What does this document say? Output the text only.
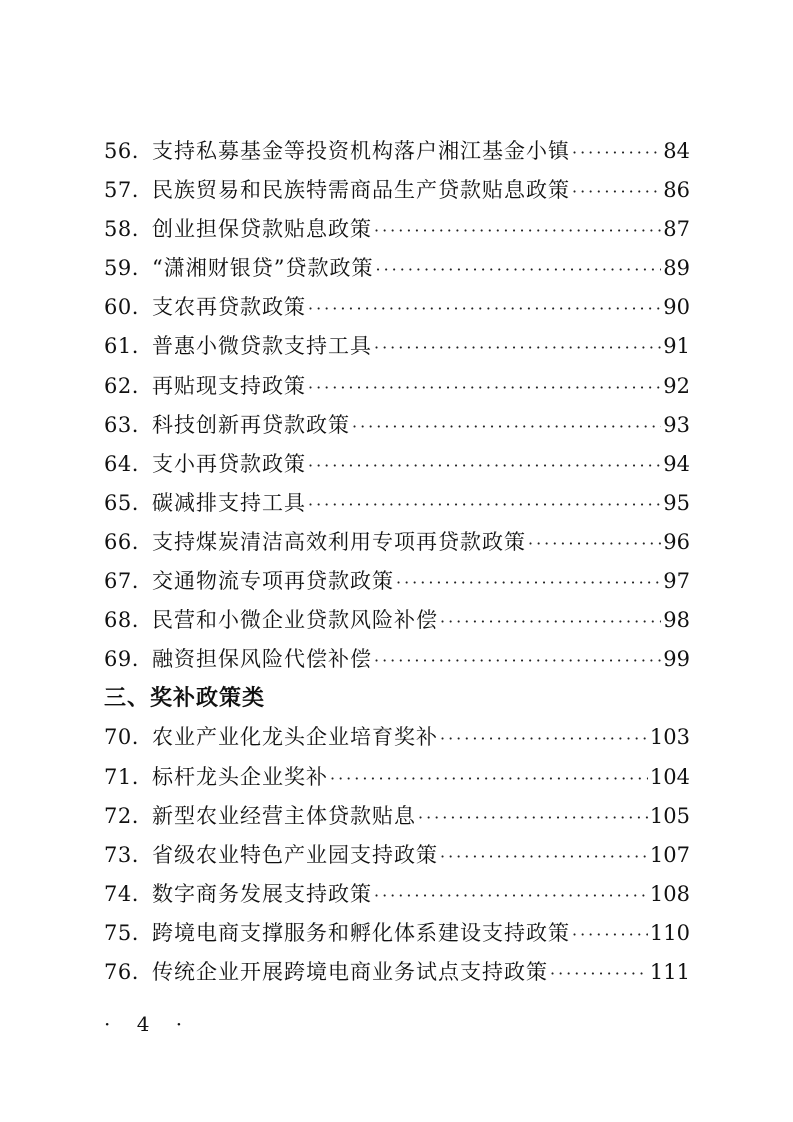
56. 支持私募基金等投资机构落户湘江基金小镇 ·····	84
57. 民族贸易和民族特需商品生产贷款贴息政策 ·····	86
58. 创业担保贷款贴息政策 ·····	87
59. “潇湘财银贷”贷款政策 ·····	89
60. 支农再贷款政策 ·····	90
61. 普惠小微贷款支持工具 ·····	91
62. 再贴现支持政策 ·····	92
63. 科技创新再贷款政策 ·····	93
64. 支小再贷款政策 ·····	94
65. 碳减排支持工具 ·····	95
66. 支持煤炭清洁高效利用专项再贷款政策 ·····	96
67. 交通物流专项再贷款政策 ·····	97
68. 民营和小微企业贷款风险补偿 ·····	98
69. 融资担保风险代偿补偿 ·····	99
三、奖补政策类
70. 农业产业化龙头企业培育奖补 ·····	103
71. 标杆龙头企业奖补 ·····	104
72. 新型农业经营主体贷款贴息 ·····	105
73. 省级农业特色产业园支持政策 ·····	107
74. 数字商务发展支持政策 ·····	108
75. 跨境电商支撑服务和孵化体系建设支持政策 ·····	110
76. 传统企业开展跨境电商业务试点支持政策 ·····	111
· 4 ·
